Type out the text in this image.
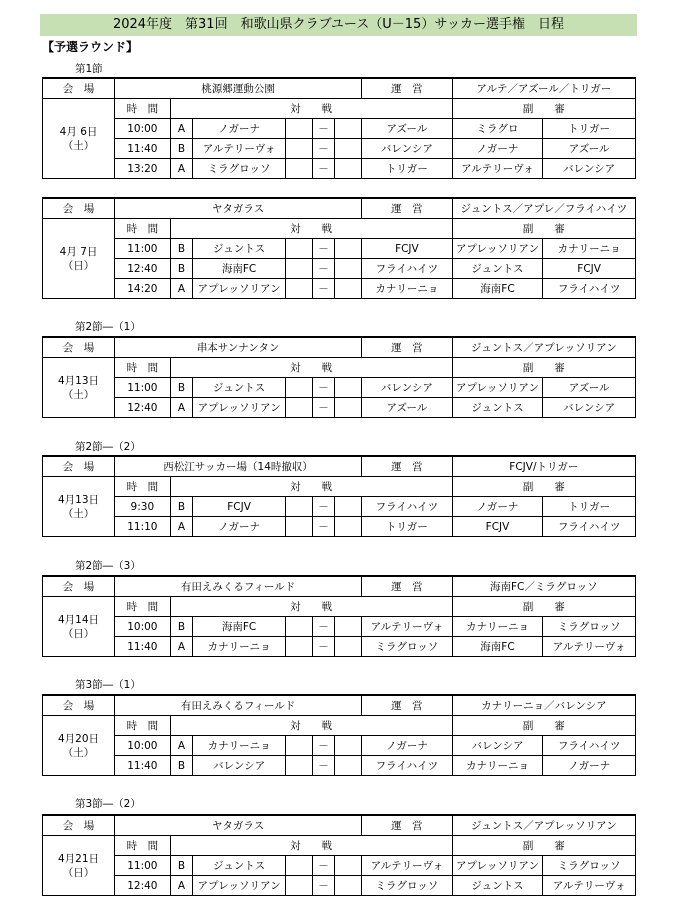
2024年度　第31回　和歌山県クラブユース（U－15）サッカー選手権　日程
【予選ラウンド】
第1節
会　場	桃源郷運動公園						運　営	アルテ／アズール／トリガー	

4月 6日
（土）	時　間	対　　戦						副　　審	
	10:00	A	ノガーナ		－		アズール	ミラグロ	トリガー
	11:40	B	アルテリーヴォ		－		バレンシア	ノガーナ	アズール
	13:20	A	ミラグロッソ		－		トリガー	アルテリーヴォ	バレンシア
会　場	ヤタガラス						運　営	ジュントス／アプレ／フライハイツ	

4月 7日
（日）	時　間	対　　戦						副　　審	
	11:00	B	ジュントス		－		FCJV	アプレッソリアン	カナリーニョ
	12:40	B	海南FC		－		フライハイツ	ジュントス	FCJV
	14:20	A	アプレッソリアン		－		カナリーニョ	海南FC	フライハイツ
第2節―（1）
会　場	串本サンナンタン						運　営	ジュントス／アプレッソリアン	

4月13日
（土）	時　間	対　　戦						副　　審	
	11:00	B	ジュントス		－		バレンシア	アプレッソリアン	アズール
	12:40	A	アプレッソリアン		－		アズール	ジュントス	バレンシア
第2節―（2）
会　場	西松江サッカー場（14時撤収）						運　営	FCJV/トリガー	

4月13日
（土）	時　間	対　　戦						副　　審	
	9:30	B	FCJV		－		フライハイツ	ノガーナ	トリガー
	11:10	A	ノガーナ		－		トリガー	FCJV	フライハイツ
第2節―（3）
会　場	有田えみくるフィールド						運　営	海南FC／ミラグロッソ	

4月14日
（日）	時　間	対　　戦						副　　審	
	10:00	B	海南FC		－		アルテリーヴォ	カナリーニョ	ミラグロッソ
	11:40	A	カナリーニョ		－		ミラグロッソ	海南FC	アルテリーヴォ
第3節―（1）
会　場	有田えみくるフィールド						運　営	カナリーニョ／バレンシア	

4月20日
（土）	時　間	対　　戦						副　　審	
	10:00	A	カナリーニョ		－		ノガーナ	バレンシア	フライハイツ
	11:40	B	バレンシア		－		フライハイツ	カナリーニョ	ノガーナ
第3節―（2）
会　場	ヤタガラス						運　営	ジュントス／アプレッソリアン	

4月21日
（日）	時　間	対　　戦						副　　審	
	11:00	B	ジュントス		－		アルテリーヴォ	アプレッソリアン	ミラグロッソ
	12:40	A	アプレッソリアン		－		ミラグロッソ	ジュントス	アルテリーヴォ
